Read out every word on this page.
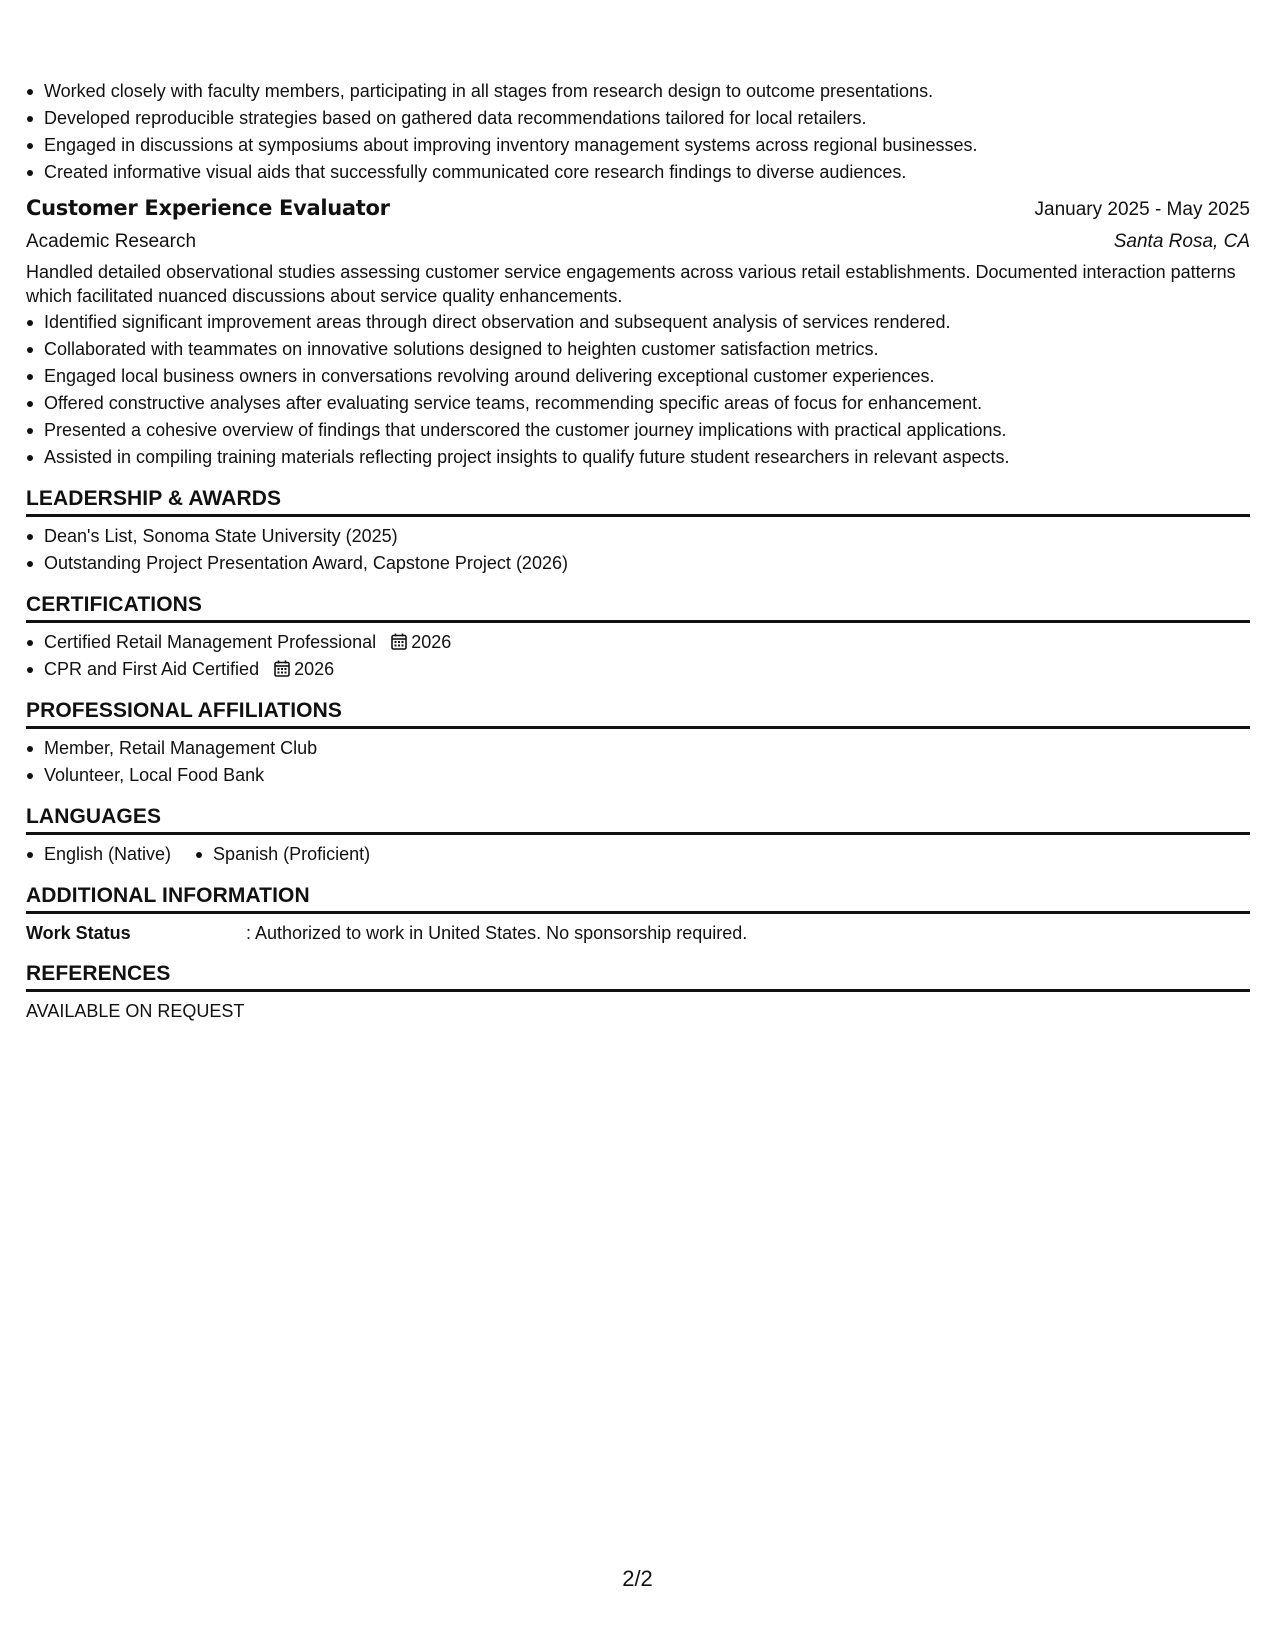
Worked closely with faculty members, participating in all stages from research design to outcome presentations.
Developed reproducible strategies based on gathered data recommendations tailored for local retailers.
Engaged in discussions at symposiums about improving inventory management systems across regional businesses.
Created informative visual aids that successfully communicated core research findings to diverse audiences.
Customer Experience Evaluator	January 2025 - May 2025
Academic Research	Santa Rosa, CA
Handled detailed observational studies assessing customer service engagements across various retail establishments. Documented interaction patterns which facilitated nuanced discussions about service quality enhancements.
Identified significant improvement areas through direct observation and subsequent analysis of services rendered.
Collaborated with teammates on innovative solutions designed to heighten customer satisfaction metrics.
Engaged local business owners in conversations revolving around delivering exceptional customer experiences.
Offered constructive analyses after evaluating service teams, recommending specific areas of focus for enhancement.
Presented a cohesive overview of findings that underscored the customer journey implications with practical applications.
Assisted in compiling training materials reflecting project insights to qualify future student researchers in relevant aspects.
LEADERSHIP & AWARDS
Dean's List, Sonoma State University (2025)
Outstanding Project Presentation Award, Capstone Project (2026)
CERTIFICATIONS
Certified Retail Management Professional 2026
CPR and First Aid Certified 2026
PROFESSIONAL AFFILIATIONS
Member, Retail Management Club
Volunteer, Local Food Bank
LANGUAGES
English (Native)	Spanish (Proficient)
ADDITIONAL INFORMATION
Work Status	: Authorized to work in United States. No sponsorship required.
REFERENCES
AVAILABLE ON REQUEST
2/2
